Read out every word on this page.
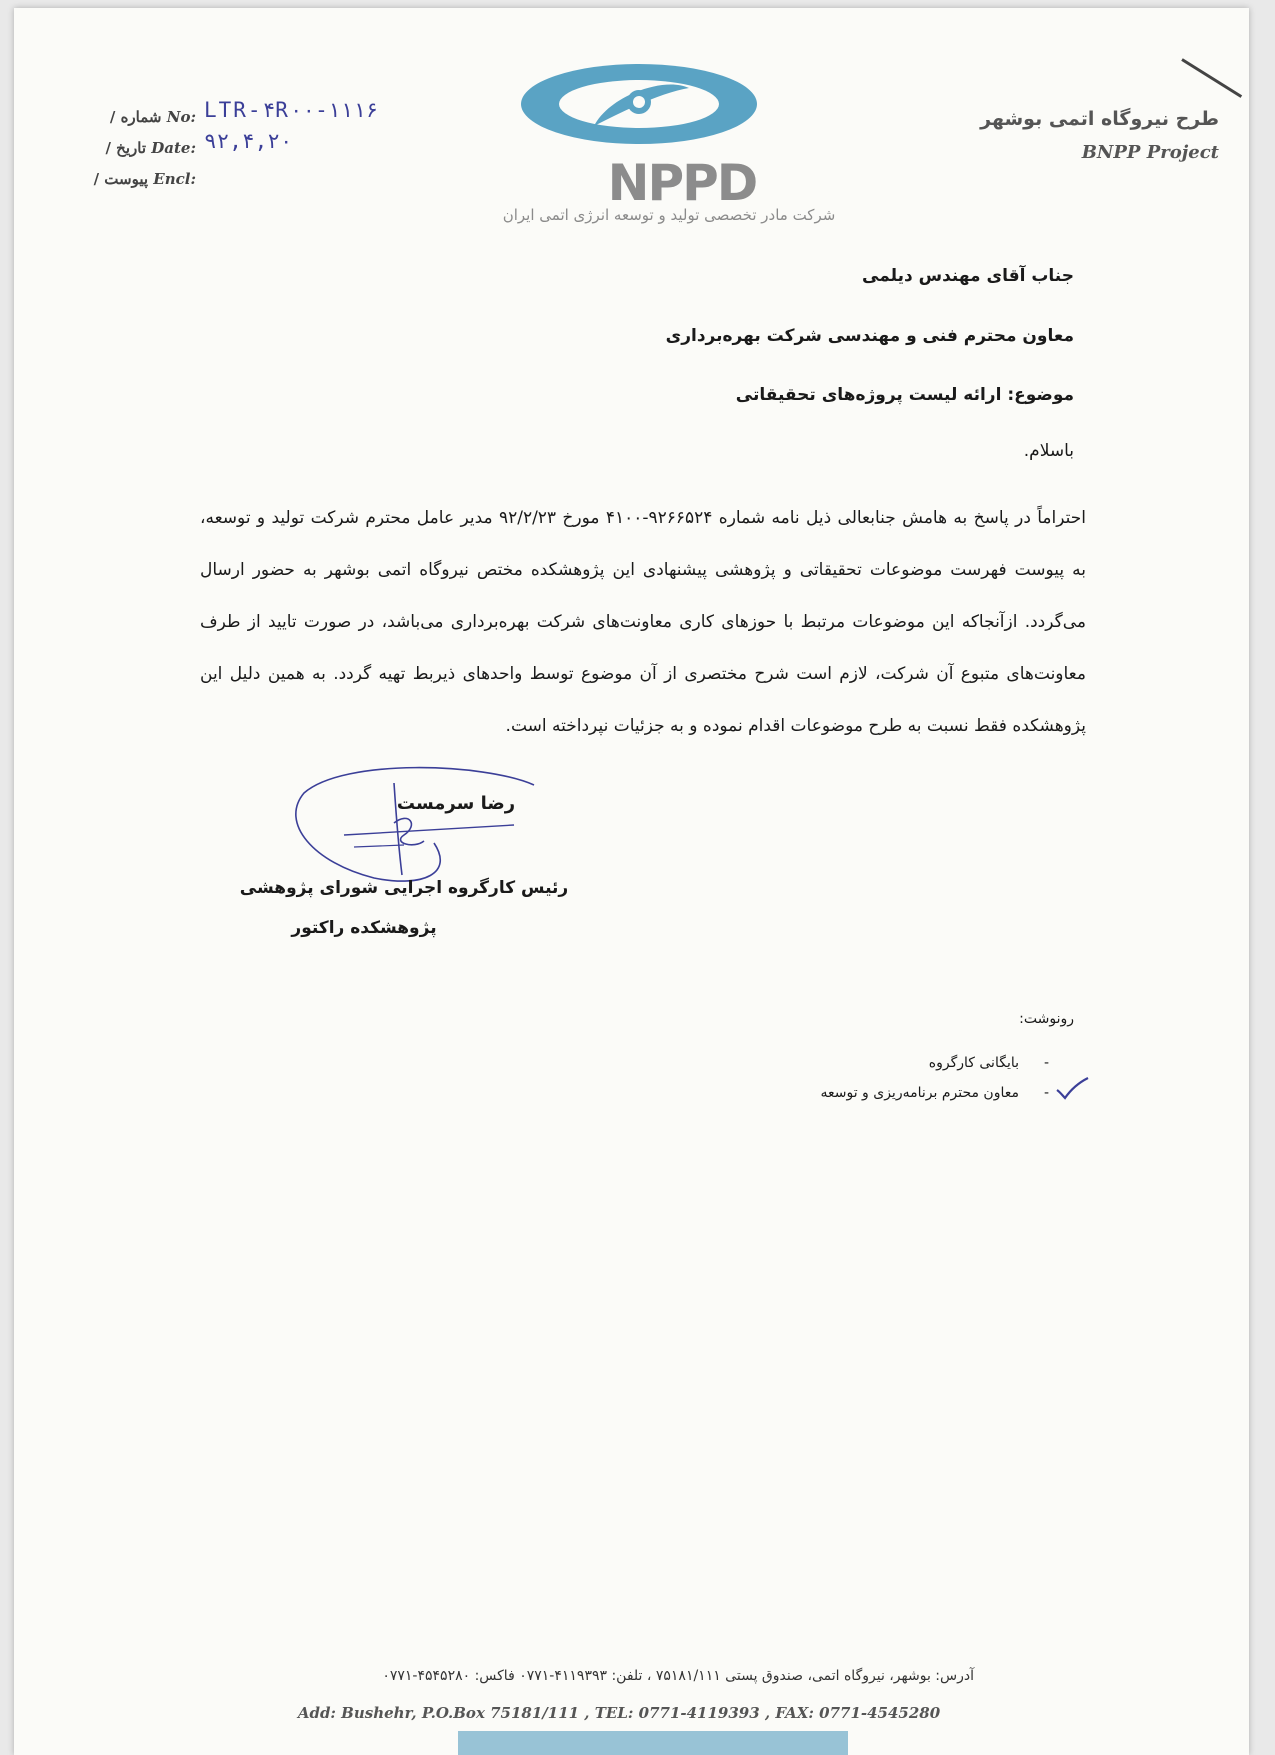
/ شماره No: LTR-۴R۰۰-۱۱۱۶
/ تاریخ Date: ۹۲,۴,۲۰
/ پیوست Encl:	NPPD
شرکت مادر تخصصی تولید و توسعه انرژی اتمی ایران
طرح نیروگاه اتمی بوشهر
BNPP Project
جناب آقای مهندس دیلمی
معاون محترم فنی و مهندسی شرکت بهره‌برداری
موضوع: ارائه لیست پروژه‌های تحقیقاتی
باسلام.
احتراماً در پاسخ به هامش جنابعالی ذیل نامه شماره ۹۲۶۶۵۲۴-۴۱۰۰ مورخ ۹۲/۲/۲۳ مدیر عامل محترم شرکت تولید و توسعه، به پیوست فهرست موضوعات تحقیقاتی و پژوهشی پیشنهادی این پژوهشکده مختص نیروگاه اتمی بوشهر به حضور ارسال می‌گردد. ازآنجاکه این موضوعات مرتبط با حوزهای کاری معاونت‌های شرکت بهره‌برداری می‌باشد، در صورت تایید از طرف معاونت‌های متبوع آن شرکت، لازم است شرح مختصری از آن موضوع توسط واحدهای ذیربط تهیه گردد. به همین دلیل این پژوهشکده فقط نسبت به طرح موضوعات اقدام نموده و به جزئیات نپرداخته است.
رضا سرمست
رئیس کارگروه اجرایی شورای پژوهشی
پژوهشکده راکتور
رونوشت:
-
بایگانی کارگروه
-
معاون محترم برنامه‌ریزی و توسعه
آدرس: بوشهر، نیروگاه اتمی، صندوق پستی ۷۵۱۸۱/۱۱۱ ، تلفن: ۴۱۱۹۳۹۳-۰۷۷۱ فاکس: ۴۵۴۵۲۸۰-۰۷۷۱
Add: Bushehr, P.O.Box 75181/111 , TEL: 0771-4119393 , FAX: 0771-4545280
